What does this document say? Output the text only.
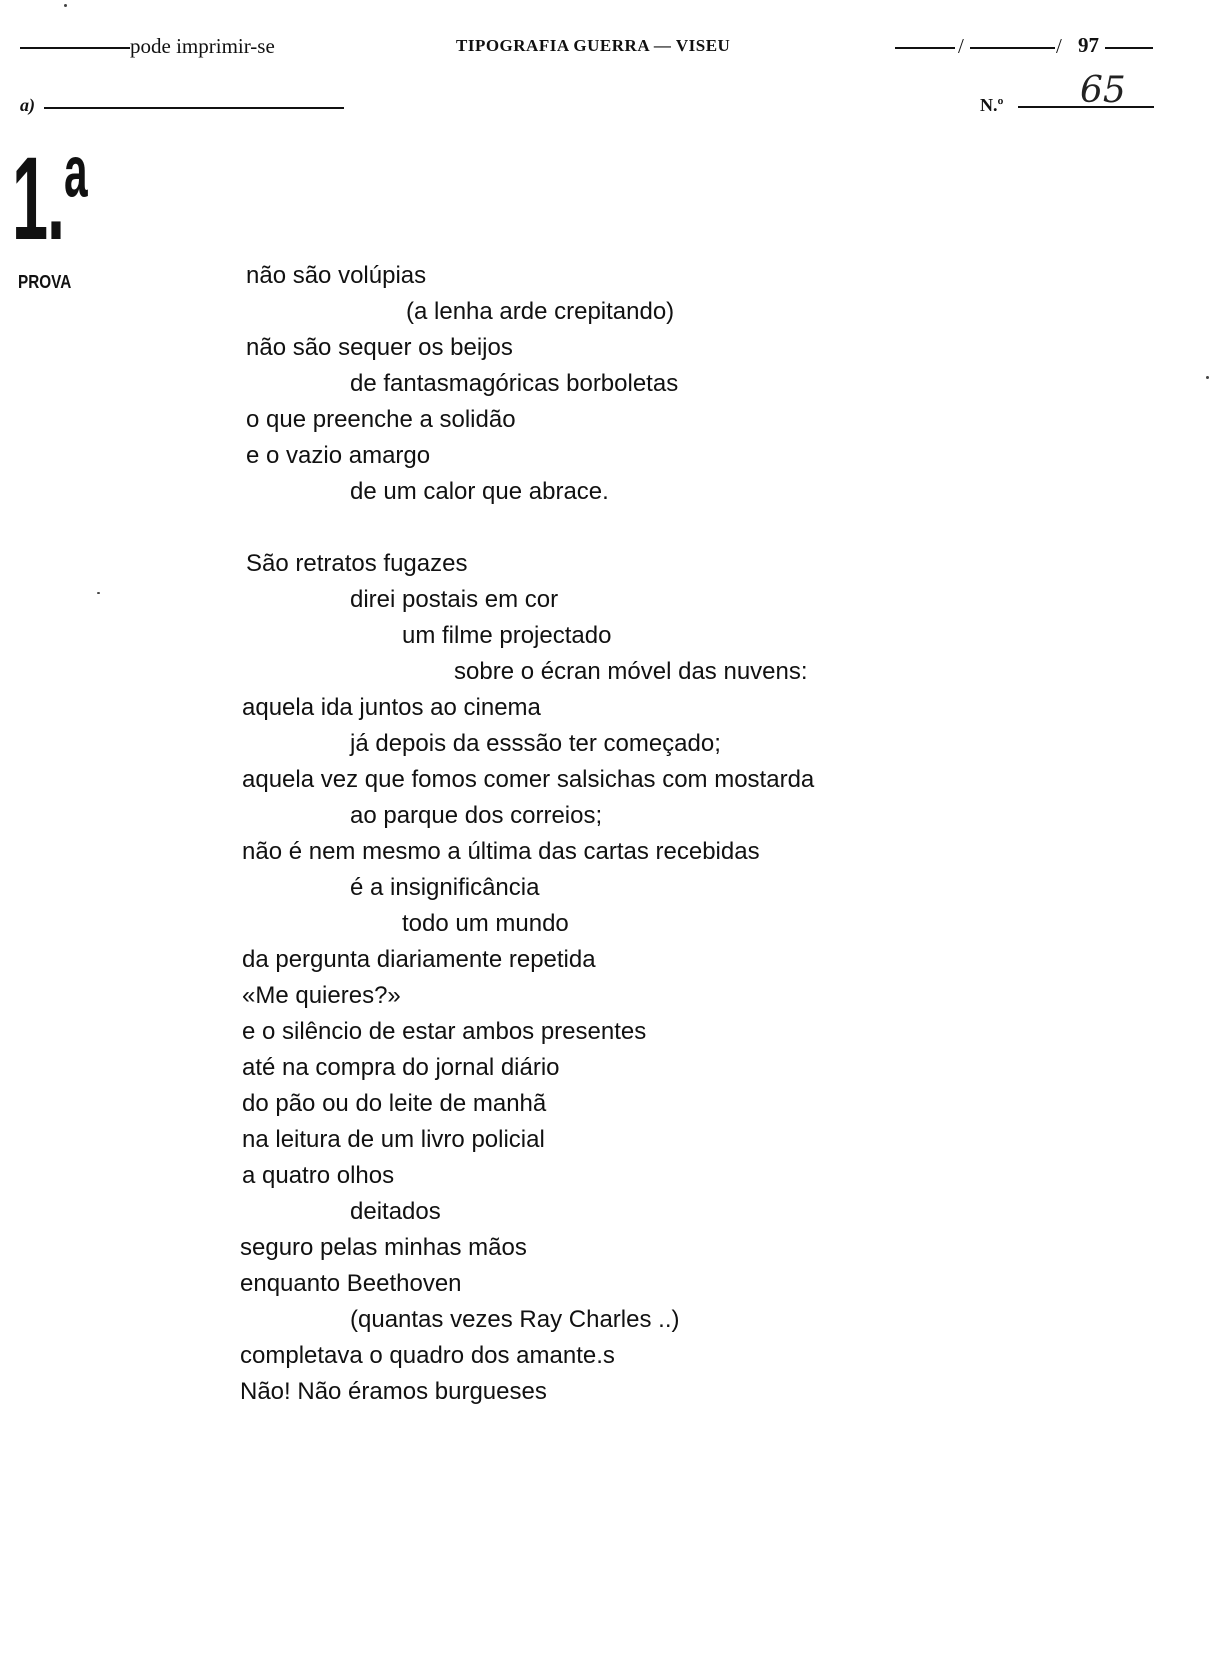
pode imprimir-se	TIPOGRAFIA GUERRA — VISEU	/	/ 97
a)	N.º 65
1.ª
PROVA	não são volúpias
(a lenha arde crepitando)
não são sequer os beijos
de fantasmagóricas borboletas
o que preenche a solidão
e o vazio amargo
de um calor que abrace.
São retratos fugazes
direi postais em cor
um filme projectado
sobre o écran móvel das nuvens:
aquela ida juntos ao cinema
já depois da esssão ter começado;
aquela vez que fomos comer salsichas com mostarda
ao parque dos correios;
não é nem mesmo a última das cartas recebidas
é a insignificância
todo um mundo
da pergunta diariamente repetida
«Me quieres?»
e o silêncio de estar ambos presentes
até na compra do jornal diário
do pão ou do leite de manhã
na leitura de um livro policial
a quatro olhos
deitados
seguro pelas minhas mãos
enquanto Beethoven
(quantas vezes Ray Charles ..)
completava o quadro dos amante.s
Não! Não éramos burgueses
